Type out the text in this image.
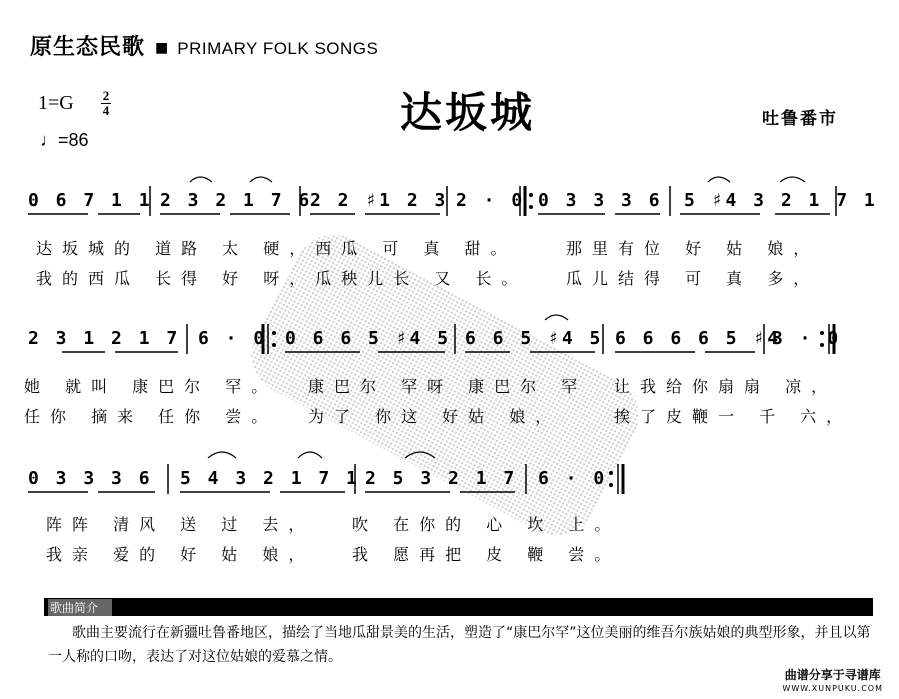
原生态民歌 ■ PRIMARY FOLK SONGS
1=G 2
4
♩=86
达坂城	吐鲁番市
0 6 7 1 1 2 3 2 1 7 6
2 2 ♯1 2 3 2 · 0 0 3 3 3 6 5 ♯4 3 2 1 7 1
达坂城的 道路 太 硬，西瓜 可 真 甜。	那里有位 好 姑 娘，
我的西瓜 长得 好 呀，瓜秧儿长 又 长。 瓜儿结得 可 真 多，
2 3 1 2 1 7 6 · 0 0 6 6 5 ♯4 5 6 6 5 ♯4 5 6 6 6 6 5 ♯4
3 · 0
她 就叫 康巴尔 罕。 康巴尔 罕呀 康巴尔 罕 让我给你扇扇 凉，
任你 摘来 任你 尝。 为了 你这 好姑 娘，	挨了皮鞭一 千 六，
0 3 3 3 6 5 4 3 2 1 7 1 2 5 3 2 1 7 6 · 0
阵阵 清风 送 过 去， 吹 在你的 心 坎 上。
我亲 爱的 好 姑 娘， 我 愿再把 皮 鞭 尝。
歌曲简介
歌曲主要流行在新疆吐鲁番地区，描绘了当地瓜甜景美的生活，塑造了“康巴尔罕”这位美丽的维吾尔族姑娘的典型形象，并且以第一人称的口吻，表达了对这位姑娘的爱慕之情。
曲谱分享于寻谱库
WWW.XUNPUKU.COM
